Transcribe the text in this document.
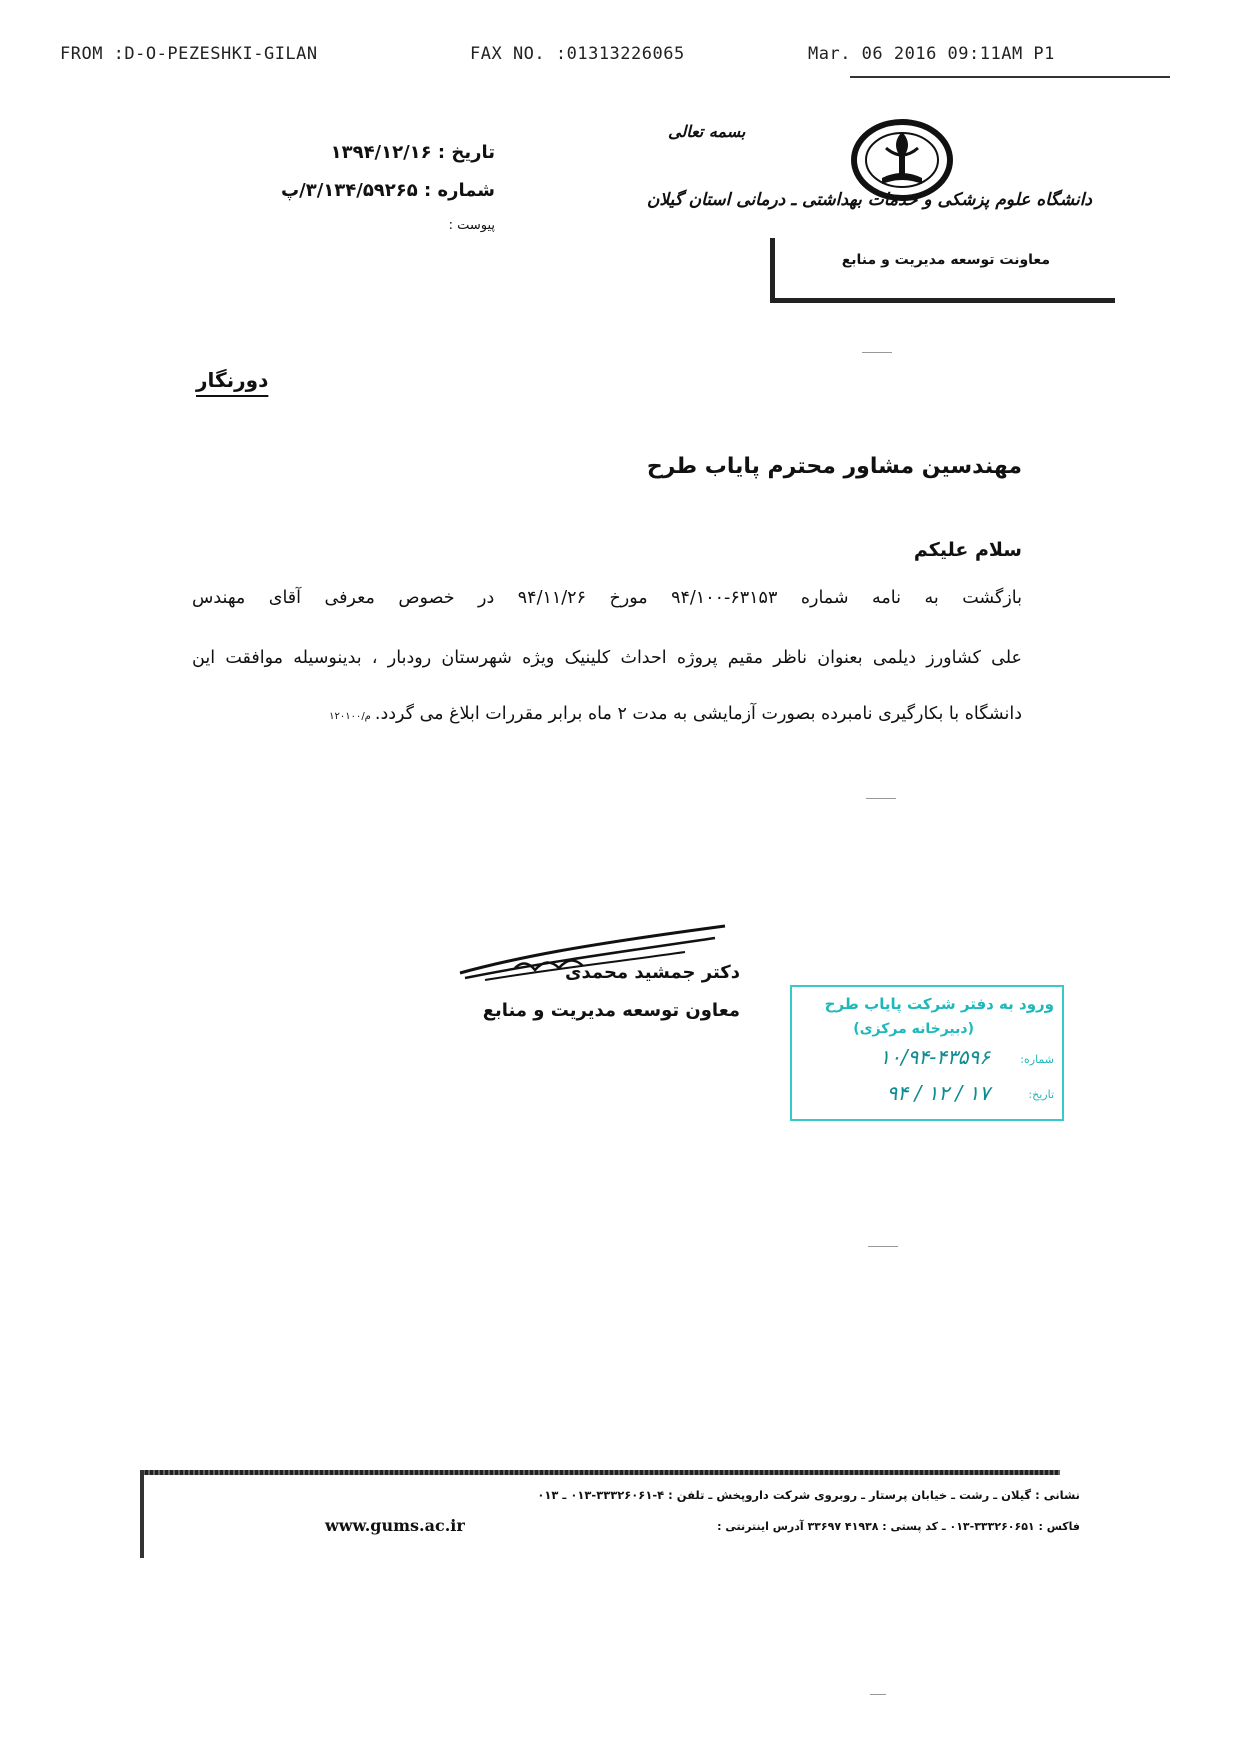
FROM :D-O-PEZESHKI-GILAN	FAX NO. :01313226065	Mar. 06 2016 09:11AM P1
تاریخ : ۱۳۹۴/۱۲/۱۶
شماره : ۳/۱۳۴/۵۹۲۶۵/پ
پیوست :
بسمه تعالی
دانشگاه علوم پزشکی و خدمات بهداشتی ـ درمانی استان گیلان
معاونت توسعه مدیریت و منابع
دورنگار
مهندسین مشاور محترم پایاب طرح
سلام علیکم
بازگشت به نامه شماره ۶۳۱۵۳-۹۴/۱۰۰ مورخ ۹۴/۱۱/۲۶ در خصوص معرفی آقای مهندس
علی کشاورز دیلمی بعنوان ناظر مقیم پروژه احداث کلینیک ویژه شهرستان رودبار ، بدینوسیله موافقت این
دانشگاه با بکارگیری نامبرده بصورت آزمایشی به مدت ۲ ماه برابر مقررات ابلاغ می گردد.م/۱۲۰۱۰۰
دکتر جمشید محمدی
معاون توسعه مدیریت و منابع	ورود به دفتر شرکت پایاب طرح
(دبیرخانه مرکزی)
شماره:
۱۰/۹۴-۴۳۵۹۶
تاریخ:
۹۴ / ۱۲ / ۱۷
نشانی : گیلان ـ رشت ـ خیابان پرستار ـ روبروی شرکت داروپخش ـ تلفن : ۴-۳۳۳۲۶۰۶۱-۰۱۳ ـ ۰۱۳
فاکس : ۳۳۳۲۶۰۶۵۱-۰۱۳ ـ کد پستی : ۴۱۹۳۸ ۳۳۶۹۷ آدرس اینترنتی :
www.gums.ac.ir
